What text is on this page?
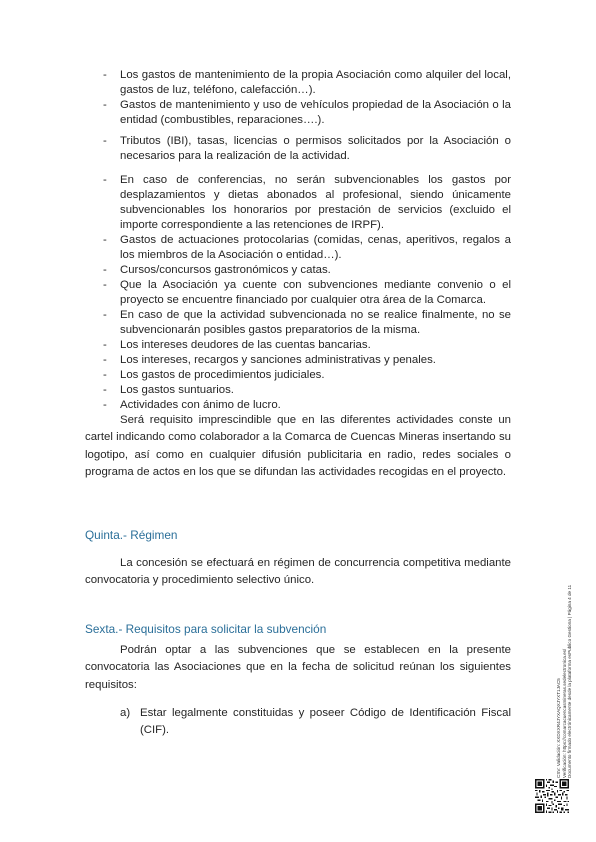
- Los gastos de mantenimiento de la propia Asociación como alquiler del local, gastos de luz, teléfono, calefacción…).
- Gastos de mantenimiento y uso de vehículos propiedad de la Asociación o la entidad (combustibles, reparaciones….).
- Tributos (IBI), tasas, licencias o permisos solicitados por la Asociación o necesarios para la realización de la actividad.
- En caso de conferencias, no serán subvencionables los gastos por desplazamientos y dietas abonados al profesional, siendo únicamente subvencionables los honorarios por prestación de servicios (excluido el importe correspondiente a las retenciones de IRPF).
- Gastos de actuaciones protocolarias (comidas, cenas, aperitivos, regalos a los miembros de la Asociación o entidad…).
- Cursos/concursos gastronómicos y catas.
- Que la Asociación ya cuente con subvenciones mediante convenio o el proyecto se encuentre financiado por cualquier otra área de la Comarca.
- En caso de que la actividad subvencionada no se realice finalmente, no se subvencionarán posibles gastos preparatorios de la misma.
- Los intereses deudores de las cuentas bancarias.
- Los intereses, recargos y sanciones administrativas y penales.
- Los gastos de procedimientos judiciales.
- Los gastos suntuarios.
- Actividades con ánimo de lucro.

Será requisito imprescindible que en las diferentes actividades conste un cartel indicando como colaborador a la Comarca de Cuencas Mineras insertando su logotipo, así como en cualquier difusión publicitaria en radio, redes sociales o programa de actos en los que se difundan las actividades recogidas en el proyecto.

Quinta.- Régimen

La concesión se efectuará en régimen de concurrencia competitiva mediante convocatoria y procedimiento selectivo único.

Sexta.- Requisitos para solicitar la subvención

Podrán optar a las subvenciones que se establecen en la presente convocatoria las Asociaciones que en la fecha de solicitud reúnan los siguientes requisitos:

a) Estar legalmente constituidas y poseer Código de Identificación Fiscal (CIF).	CSV: Validación: XXDXXR4JYXAQXJYXT1JAC5 Verificación: https://comarcacuencasmineras.sedelectronica.es/ Documento firmado electrónicamente desde la plataforma esPublico Gestiona | Página 4 de 11
